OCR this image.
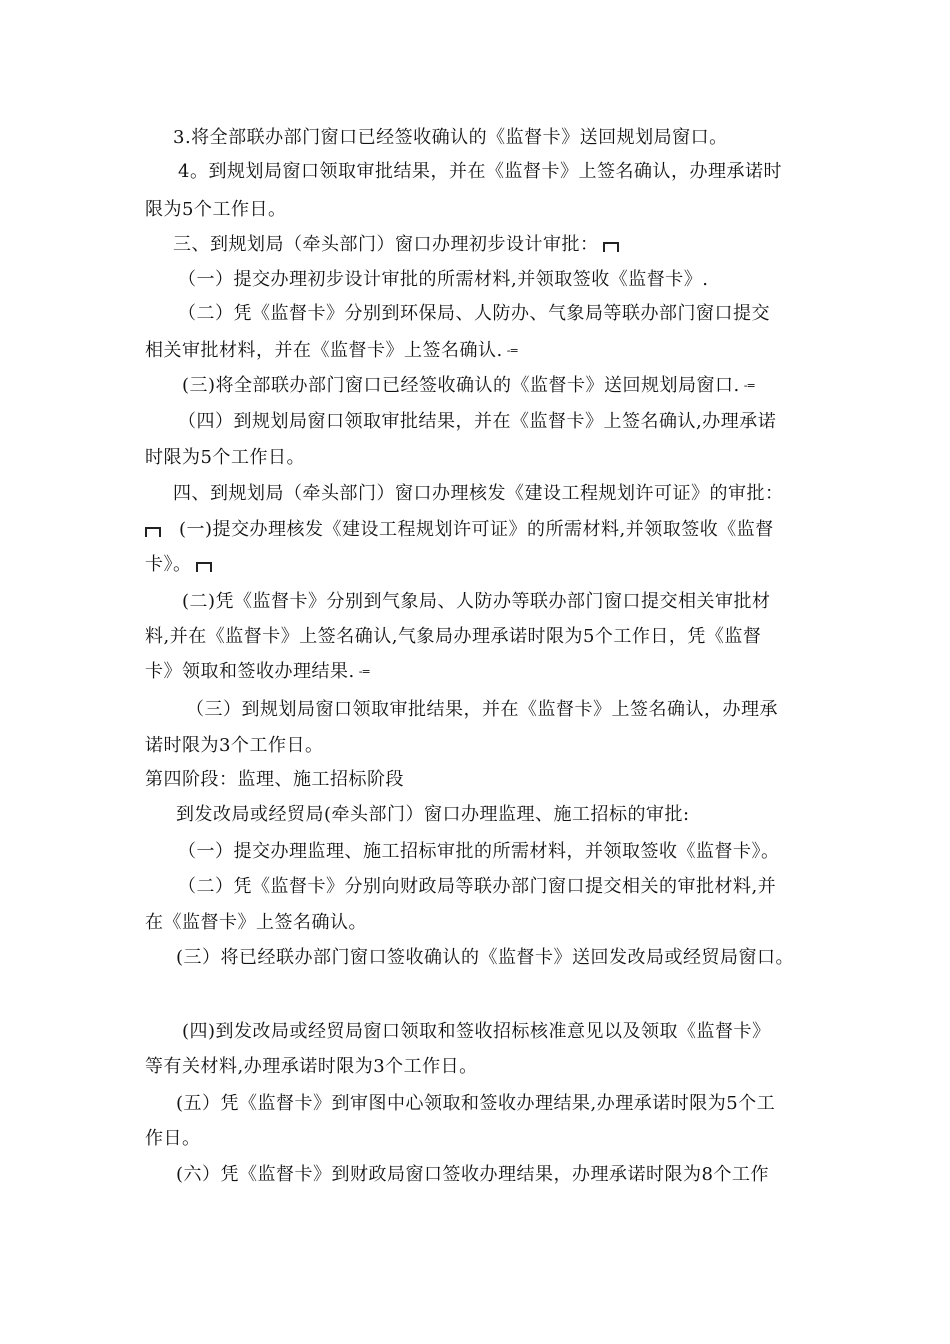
3.将全部联办部门窗口已经签收确认的《监督卡》送回规划局窗口。
4。到规划局窗口领取审批结果，并在《监督卡》上签名确认，办理承诺时
限为5个工作日。
三、到规划局（牵头部门）窗口办理初步设计审批：
（一）提交办理初步设计审批的所需材料,并领取签收《监督卡》.
（二）凭《监督卡》分别到环保局、人防办、气象局等联办部门窗口提交
相关审批材料，并在《监督卡》上签名确认. -=
(三)将全部联办部门窗口已经签收确认的《监督卡》送回规划局窗口. -=
（四）到规划局窗口领取审批结果，并在《监督卡》上签名确认,办理承诺
时限为5个工作日。
四、到规划局（牵头部门）窗口办理核发《建设工程规划许可证》的审批：
(一)提交办理核发《建设工程规划许可证》的所需材料,并领取签收《监督
卡》。
(二)凭《监督卡》分别到气象局、人防办等联办部门窗口提交相关审批材
料,并在《监督卡》上签名确认,气象局办理承诺时限为5个工作日，凭《监督
卡》领取和签收办理结果. -=
（三）到规划局窗口领取审批结果，并在《监督卡》上签名确认，办理承
诺时限为3个工作日。
第四阶段：监理、施工招标阶段
到发改局或经贸局(牵头部门）窗口办理监理、施工招标的审批:
（一）提交办理监理、施工招标审批的所需材料，并领取签收《监督卡》。
（二）凭《监督卡》分别向财政局等联办部门窗口提交相关的审批材料,并
在《监督卡》上签名确认。
(三）将已经联办部门窗口签收确认的《监督卡》送回发改局或经贸局窗口。
(四)到发改局或经贸局窗口领取和签收招标核准意见以及领取《监督卡》
等有关材料,办理承诺时限为3个工作日。
(五）凭《监督卡》到审图中心领取和签收办理结果,办理承诺时限为5个工
作日。
(六）凭《监督卡》到财政局窗口签收办理结果，办理承诺时限为8个工作
